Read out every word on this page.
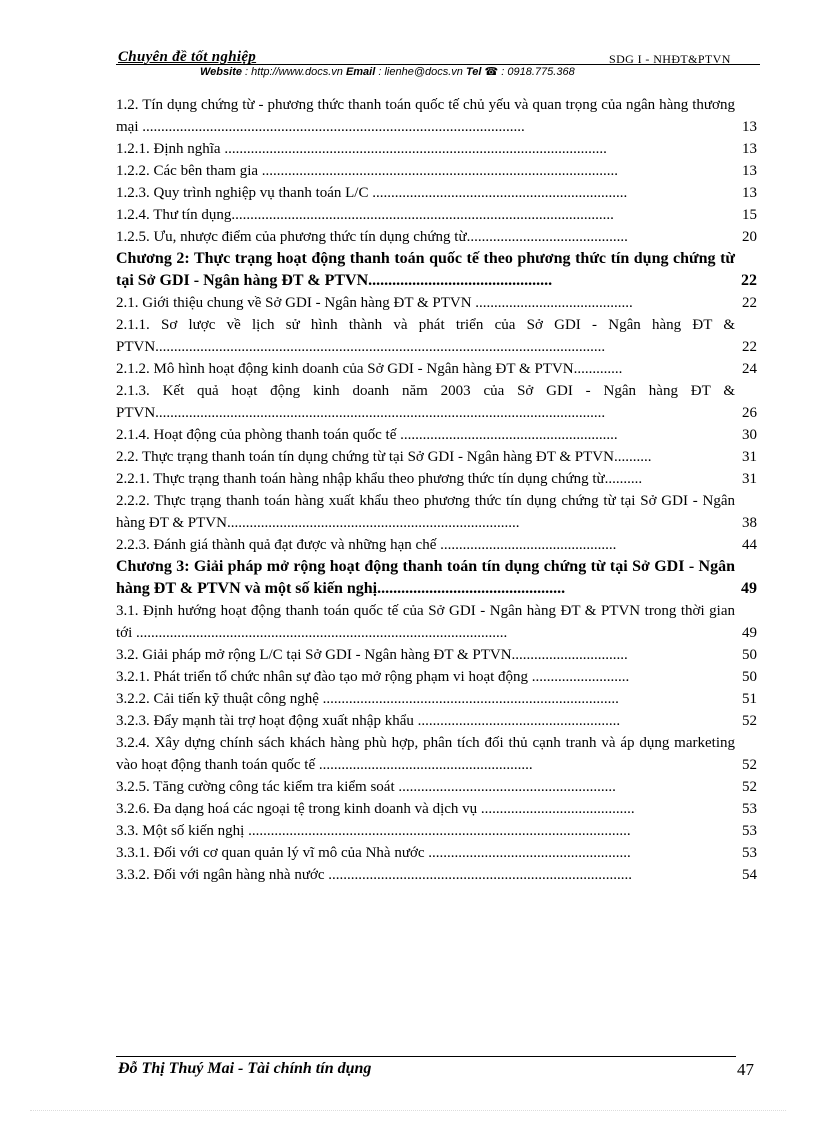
Chuyên đề tốt nghiệp	SDG I - NHĐT&PTVN
Website : http://www.docs.vn Email : lienhe@docs.vn Tel ☎ : 0918.775.368
1.2. Tín dụng chứng từ - phương thức thanh toán quốc tế chủ yếu và quan trọng của ngân hàng thương mại ......................................................................................................	13
1.2.1. Định nghĩa ......................................................................................................	13
1.2.2. Các bên tham gia ...............................................................................................	13
1.2.3. Quy trình nghiệp vụ thanh toán L/C ....................................................................	13
1.2.4. Thư tín dụng......................................................................................................	15
1.2.5. Ưu, nhược điểm của phương thức tín dụng chứng từ...........................................	20
Chương 2: Thực trạng hoạt động thanh toán quốc tế theo phương thức tín dụng chứng từ tại Sở GDI - Ngân hàng ĐT & PTVN..............................................	22
2.1. Giới thiệu chung về Sở GDI - Ngân hàng ĐT & PTVN ..........................................	22
2.1.1. Sơ lược về lịch sử hình thành và phát triển của Sở GDI - Ngân hàng ĐT & PTVN........................................................................................................................	22
2.1.2. Mô hình hoạt động kinh doanh của Sở GDI - Ngân hàng ĐT & PTVN.............	24
2.1.3. Kết quả hoạt động kinh doanh năm 2003 của Sở GDI - Ngân hàng ĐT & PTVN........................................................................................................................	26
2.1.4. Hoạt động của phòng thanh toán quốc tế ..........................................................	30
2.2. Thực trạng thanh toán tín dụng chứng từ tại Sở GDI - Ngân hàng ĐT & PTVN..........	31
2.2.1. Thực trạng thanh toán hàng nhập khẩu theo phương thức tín dụng chứng từ..........	31
2.2.2. Thực trạng thanh toán hàng xuất khẩu theo phương thức tín dụng chứng từ tại Sở GDI - Ngân hàng ĐT & PTVN..............................................................................	38
2.2.3. Đánh giá thành quả đạt được và những hạn chế ...............................................	44
Chương 3: Giải pháp mở rộng hoạt động thanh toán tín dụng chứng từ tại Sở GDI - Ngân hàng ĐT & PTVN và một số kiến nghị...............................................	49
3.1. Định hướng hoạt động thanh toán quốc tế của Sở GDI - Ngân hàng ĐT & PTVN trong thời gian tới ...................................................................................................	49
3.2. Giải pháp mở rộng L/C tại Sở GDI - Ngân hàng ĐT & PTVN...............................	50
3.2.1. Phát triển tổ chức nhân sự đào tạo mở rộng phạm vi hoạt động ..........................	50
3.2.2. Cải tiến kỹ thuật công nghệ ...............................................................................	51
3.2.3. Đẩy mạnh tài trợ hoạt động xuất nhập khẩu ......................................................	52
3.2.4. Xây dựng chính sách khách hàng phù hợp, phân tích đối thủ cạnh tranh và áp dụng marketing vào hoạt động thanh toán quốc tế .........................................................	52
3.2.5. Tăng cường công tác kiểm tra kiểm soát ..........................................................	52
3.2.6. Đa dạng hoá các ngoại tệ trong kinh doanh và dịch vụ .........................................	53
3.3. Một số kiến nghị ......................................................................................................	53
3.3.1. Đối với cơ quan quản lý vĩ mô của Nhà nước ......................................................	53
3.3.2. Đối với ngân hàng nhà nước .................................................................................	54
Đỗ Thị Thuý Mai - Tài chính tín dụng	47
